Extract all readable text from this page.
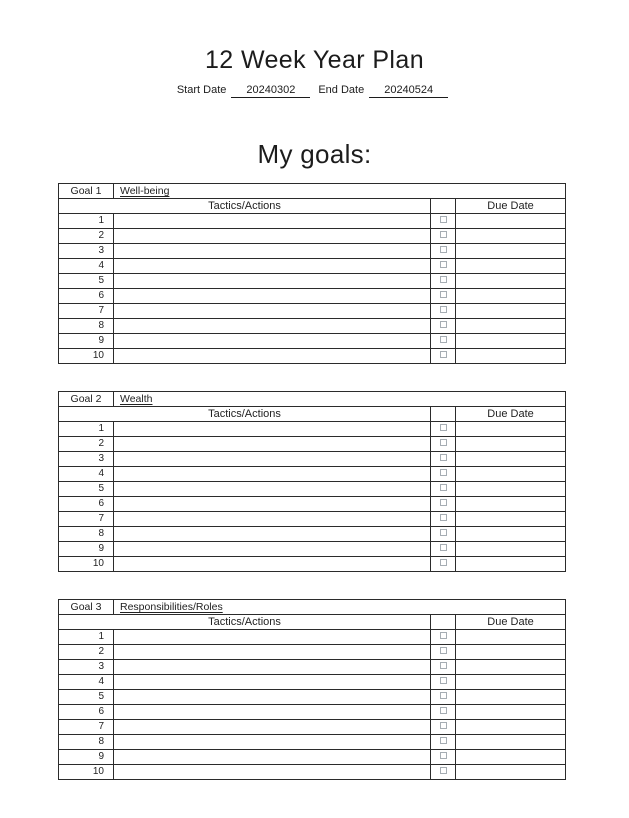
12 Week Year Plan
Start Date 20240302 End Date 20240524
My goals:
Goal 1	Well-being		
Tactics/Actions			Due Date
1			
2			
3			
4			
5			
6			
7			
8			
9			
10			
Goal 2	Wealth		
Tactics/Actions			Due Date
1			
2			
3			
4			
5			
6			
7			
8			
9			
10			
Goal 3	Responsibilities/Roles		
Tactics/Actions			Due Date
1			
2			
3			
4			
5			
6			
7			
8			
9			
10			
